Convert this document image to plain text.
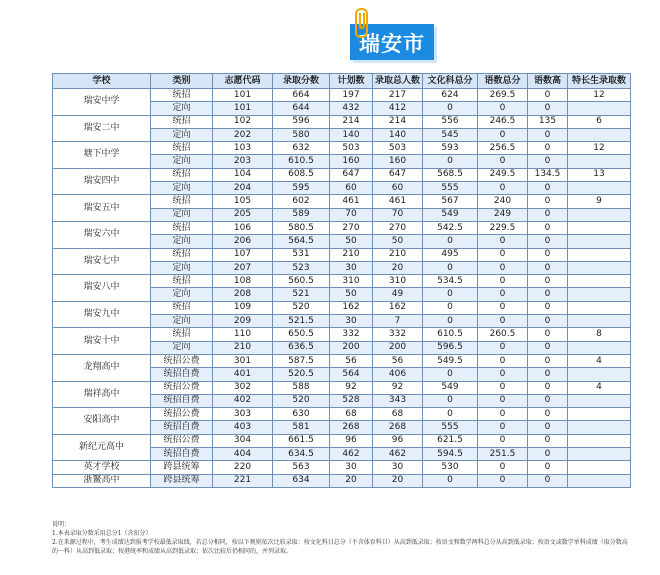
瑞安市
学校	类别	志愿代码	录取分数	计划数	录取总人数	文化科总分	语数总分	语数高	特长生录取数
瑞安中学	统招	101	664	197	217	624	269.5	0	12
	定向	101	644	432	412	0	0	0	
瑞安二中	统招	102	596	214	214	556	246.5	135	6
	定向	202	580	140	140	545	0	0	
塘下中学	统招	103	632	503	503	593	256.5	0	12
	定向	203	610.5	160	160	0	0	0	
瑞安四中	统招	104	608.5	647	647	568.5	249.5	134.5	13
	定向	204	595	60	60	555	0	0	
瑞安五中	统招	105	602	461	461	567	240	0	9
	定向	205	589	70	70	549	249	0	
瑞安六中	统招	106	580.5	270	270	542.5	229.5	0	
	定向	206	564.5	50	50	0	0	0	
瑞安七中	统招	107	531	210	210	495	0	0	
	定向	207	523	30	20	0	0	0	
瑞安八中	统招	108	560.5	310	310	534.5	0	0	
	定向	208	521	50	49	0	0	0	
瑞安九中	统招	109	520	162	162	0	0	0	
	定向	209	521.5	30	7	0	0	0	
瑞安十中	统招	110	650.5	332	332	610.5	260.5	0	8
	定向	210	636.5	200	200	596.5	0	0	
龙翔高中	统招公费	301	587.5	56	56	549.5	0	0	4
	统招自费	401	520.5	564	406	0	0	0	
瑞祥高中	统招公费	302	588	92	92	549	0	0	4
	统招自费	402	520	528	343	0	0	0	
安阳高中	统招公费	303	630	68	68	0	0	0	
	统招自费	403	581	268	268	555	0	0	
新纪元高中	统招公费	304	661.5	96	96	621.5	0	0	
	统招自费	404	634.5	462	462	594.5	251.5	0	
英才学校	跨县统筹	220	563	30	30	530	0	0	
浙鳌高中	跨县统筹	221	634	20	20	0	0	0	
说明：
1.本表录取分数采用总分1（含扣分）
2.在来源过程中，考生成绩达到报考学校最低录取线，若总分相同，按以下规则依次比较录取：按文化科目总分（不含体育科目）从高到低录取；按语文和数学两科总分从高到低录取；按语文或数学单科成绩（取分数高的一科）从高到低录取；按港统率和成绩从高到低录取；依次比较后仍相同的，并列录取。
